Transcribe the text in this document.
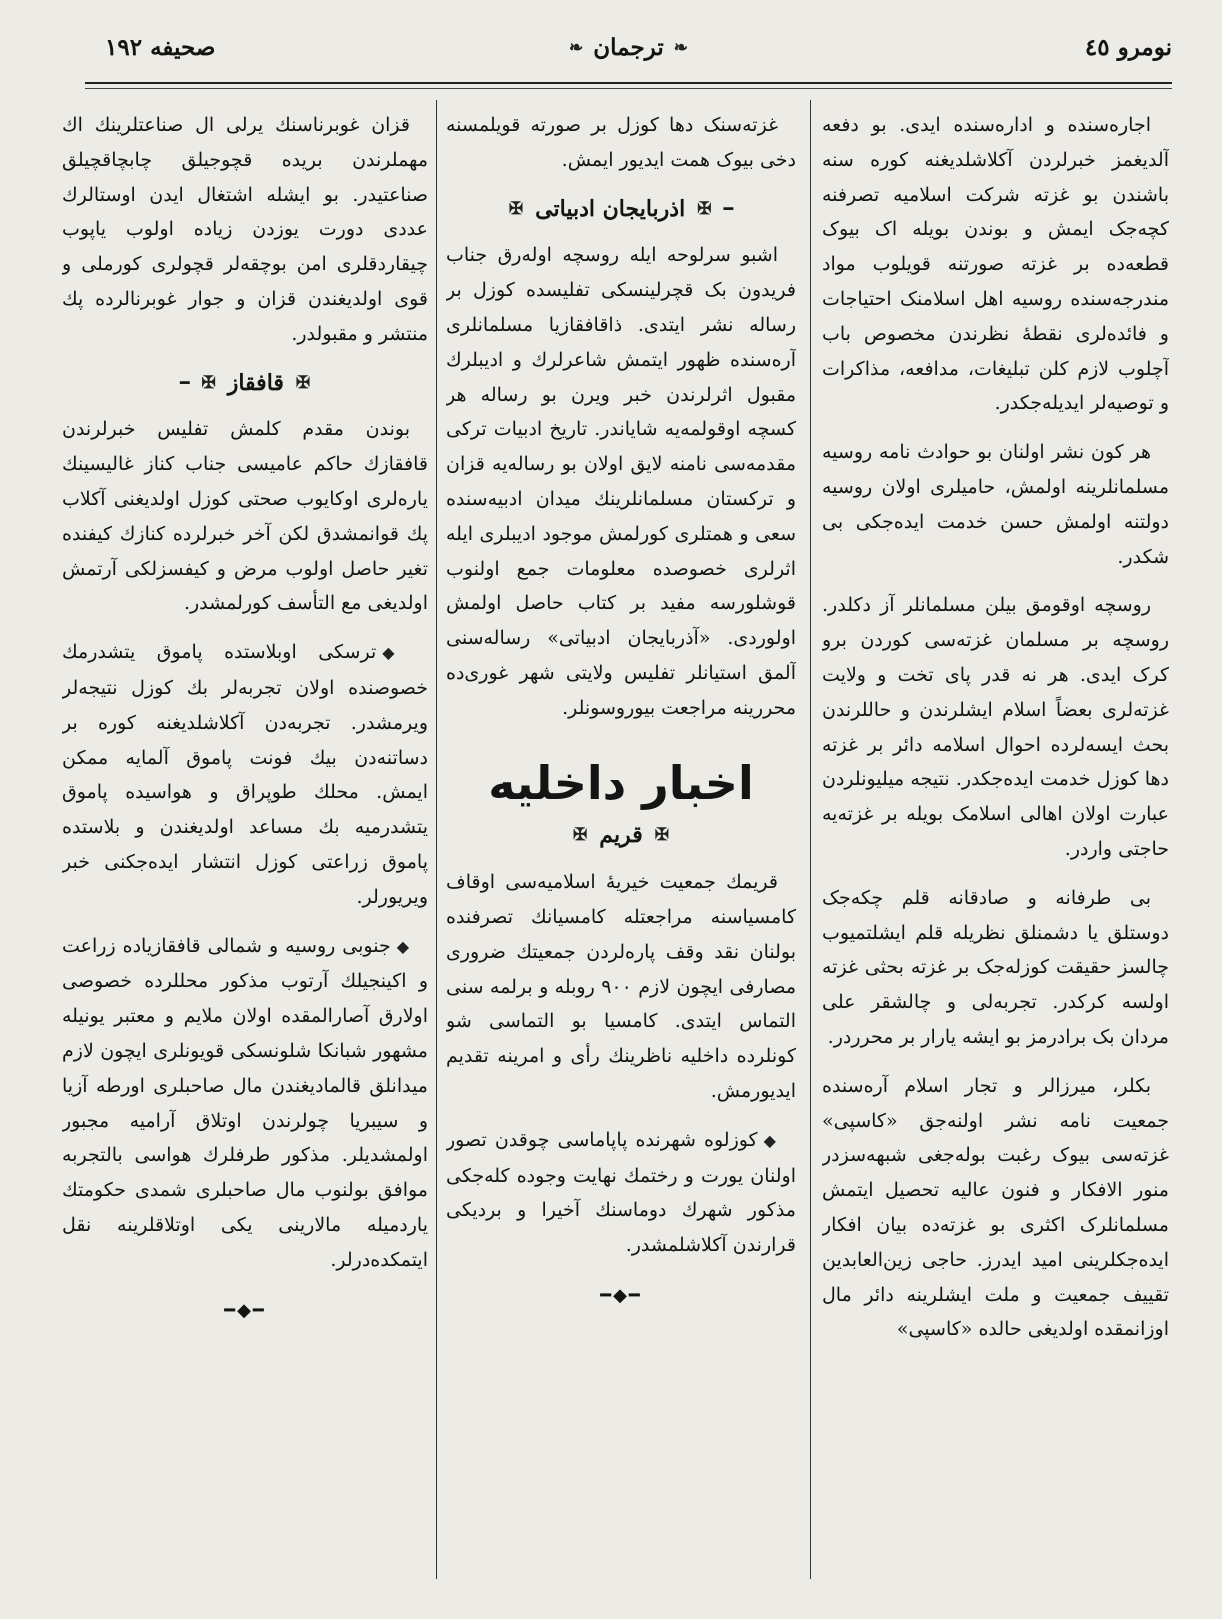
نومرو ٤٥
❧
ترجمان
❧
صحیفه ١٩٢

اجاره‌سنده و اداره‌سنده ایدی. بو دفعه آلدیغمز خبرلردن آکلاشلدیغنه کوره سنه باشندن بو غزته شرکت اسلامیه تصرفنه کچه‌جک ایمش و بوندن بویله اک بیوک قطعه‌ده بر غزته صورتنه قویلوب مواد مندرجه‌سنده روسیه اهل اسلامنک احتیاجات و فائده‌لری نقطهٔ نظرندن مخصوص باب آچلوب لازم کلن تبلیغات، مدافعه، مذاکرات و توصیه‌لر ایدیله‌جکدر.

هر کون نشر اولنان بو حوادث نامه روسیه مسلمانلرینه اولمش، حامیلری اولان روسیه دولتنه اولمش حسن خدمت ایده‌جکی بی شکدر.

روسچه اوقومق بیلن مسلمانلر آز دکلدر. روسچه بر مسلمان غزته‌سی کوردن برو کرک ایدی. هر نه قدر پای تخت و ولایت غزته‌لری بعضاً اسلام ایشلرندن و حاللرندن بحث ایسه‌لرده احوال اسلامه دائر بر غزته دها کوزل خدمت ایده‌جکدر. نتیجه میلیونلردن عبارت اولان اهالی اسلامک بویله بر غزته‌یه حاجتی واردر.

بی طرفانه و صادقانه قلم چکه‌جک دوستلق یا دشمنلق نظریله قلم ایشلتمیوب چالسز حقیقت کوزله‌جک بر غزته بحثی غزته اولسه کرکدر. تجربه‌لی و چالشقر علی مردان بک برادرمز بو ایشه یارار بر محرردر.

بکلر، میرزالر و تجار اسلام آره‌سنده جمعیت نامه نشر اولنه‌جق «کاسپی» غزته‌سی بیوک رغبت بوله‌جغی شبهه‌سزدر منور الافکار و فنون عالیه تحصیل ایتمش مسلمانلرک اکثری بو غزته‌ده بیان افکار ایده‌جکلرینی امید ایدرز. حاجی زین‌العابدین تقییف جمعیت و ملت ایشلرینه دائر مال اوزانمقده اولدیغی حالده «کاسپی»

غزته‌سنک دها کوزل بر صورته قویلمسنه دخی بیوک همت ایدیور ایمش.

━
✠
اذربایجان ادبیاتی
✠

اشبو سرلوحه ایله روسچه اولەرق جناب فریدون بک قچرلینسکی تفلیسده کوزل بر رساله نشر ایتدی. ذاقافقازیا مسلمانلری آره‌سنده ظهور ایتمش شاعرلرك و ادیبلرك مقبول اثرلرندن خبر ویرن بو رساله هر کسچه اوقولمه‌یه شایاندر. تاریخ ادبیات ترکی مقدمه‌سی نامنه لایق اولان بو رساله‌یه قزان و ترکستان مسلمانلرینك میدان ادبیه‌سنده سعی و همتلری کورلمش موجود ادیبلری ایله اثرلری خصوصده معلومات جمع اولنوب قوشلورسه مفید بر کتاب حاصل اولمش اولوردی. «آذربایجان ادبیاتی» رساله‌سنی آلمق استیانلر تفلیس ولایتی شهر غوری‌ده محررینه مراجعت بیوروسونلر.

اخبار داخلیه
✠
قریم
✠

قریمك جمعیت خیریهٔ اسلامیه‌سی اوقاف کامسیاسنه مراجعتله کامسیانك تصرفنده بولنان نقد وقف پاره‌لردن جمعیتك ضروری مصارفی ایچون لازم ٩٠٠ روبله و برلمه سنی التماس ایتدی. کامسیا بو التماسی شو کونلرده داخلیه ناظرینك رأی و امرینه تقدیم ایدیورمش.

◆کوزلوه شهرنده پاپاماسی چوقدن تصور اولنان یورت و رختمك نهایت وجوده کله‌جکی مذکور شهرك دوماسنك آخیرا و بردیکی قرارندن آکلاشلمشدر.

━◆━

قزان غوبرناسنك یرلی ال صناعتلرینك اك مهملرندن بریده قچوجیلق چابچاقچیلق صناعتیدر. بو ایشله اشتغال ایدن اوستالرك عددی دورت یوزدن زیاده اولوب یاپوب چیقاردقلری امن بوچقه‌لر قچولری کورملی و قوی اولدیغندن قزان و جوار غوبرنالرده پك منتشر و مقبولدر.

✠
قافقاز
✠
━

بوندن مقدم کلمش تفلیس خبرلرندن قافقازك حاکم عامیسی جناب کناز غالیسینك یاره‌لری اوکایوب صحتی کوزل اولدیغنی آکلاب پك قوانمشدق لکن آخر خبرلرده کنازك کیفنده تغیر حاصل اولوب مرض و کیفسزلکی آرتمش اولدیغی مع التأسف کورلمشدر.

◆ترسکی اوبلاستده پاموق یتشدرمك خصوصنده اولان تجربه‌لر بك کوزل نتیجه‌لر ویرمشدر. تجربه‌دن آکلاشلدیغنه کوره بر دساتنه‌دن بیك فونت پاموق آلمایه ممکن ایمش. محلك طوپراق و هواسیده پاموق یتشدرمیه بك مساعد اولدیغندن و بلاستده پاموق زراعتی کوزل انتشار ایده‌جکنی خبر ویریورلر.

◆جنوبی روسیه و شمالی قافقازیاده زراعت و اکینجیلك آرتوب مذکور محللرده خصوصی اولارق آصارالمقده اولان ملایم و معتبر یونیله مشهور شبانکا شلونسکی قویونلری ایچون لازم میدانلق قالمادیغندن مال صاحبلری اورطه آزیا و سیبریا چولرندن اوتلاق آرامیه مجبور اولمشدیلر. مذکور طرفلرك هواسی بالتجربه موافق بولنوب مال صاحبلری شمدی حکومتك یاردمیله مالارینی یکی اوتلاقلرینه نقل ایتمکده‌درلر.

━◆━
